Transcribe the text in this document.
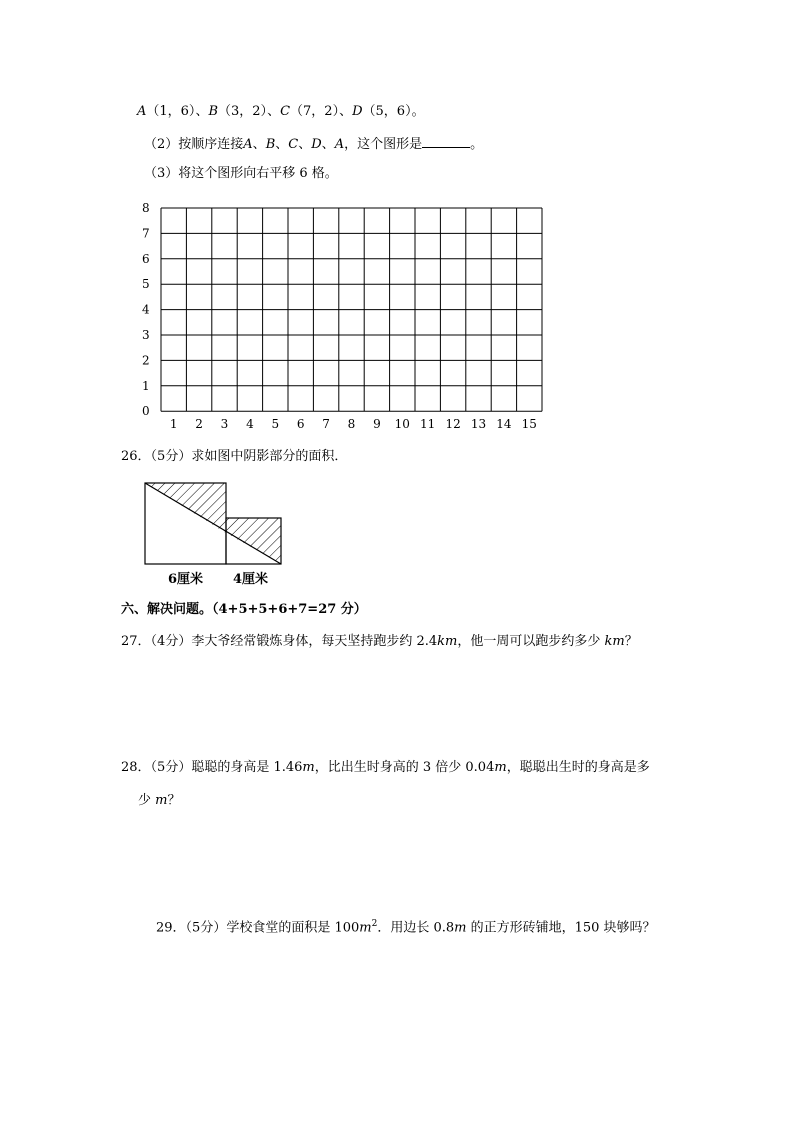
A（1，6）、B（3，2）、C（7，2）、D（5，6）。
（2）按顺序连接A、B、C、D、A，这个图形是	。
（3）将这个图形向右平移 6 格。
0
1
2
3
4
5
6
7
8
1 2 3 4 5 6 7 8 9 10 11 12 13 14 15
26．（5分）求如图中阴影部分的面积．
6厘米 4厘米
六、解决问题。（4+5+5+6+7=27 分）
27．（4分）李大爷经常锻炼身体，每天坚持跑步约 2.4km，他一周可以跑步约多少 km？
28．（5分）聪聪的身高是 1.46m，比出生时身高的 3 倍少 0.04m，聪聪出生时的身高是多
少 m？
29．（5分）学校食堂的面积是 $100m^2$．用边长 0.8m 的正方形砖铺地，150 块够吗？
